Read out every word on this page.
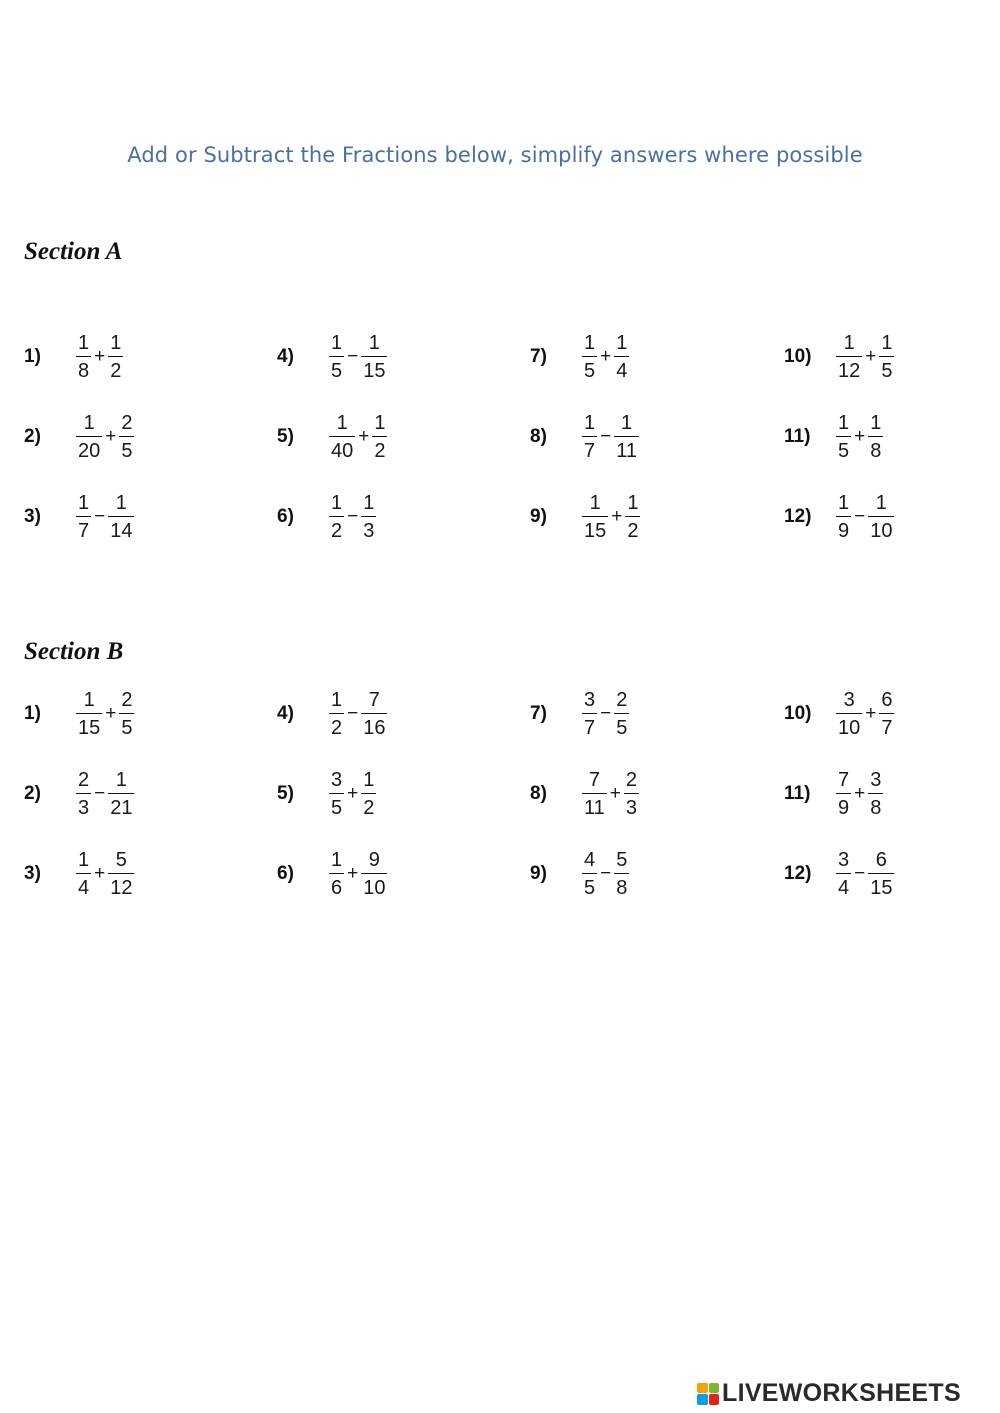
Add or Subtract the Fractions below, simplify answers where possible
Section A
Section B
1)	$\frac{1}{8} + \frac{1}{2}$
2)	$\frac{1}{20} + \frac{2}{5}$
3)	$\frac{1}{7} - \frac{1}{14}$
4)	$\frac{1}{5} - \frac{1}{15}$
5)	$\frac{1}{40} + \frac{1}{2}$
6)	$\frac{1}{2} - \frac{1}{3}$
7)	$\frac{1}{5} + \frac{1}{4}$
8)	$\frac{1}{7} - \frac{1}{11}$
9)	$\frac{1}{15} + \frac{1}{2}$
10)	$\frac{1}{12} + \frac{1}{5}$
11)	$\frac{1}{5} + \frac{1}{8}$
12)	$\frac{1}{9} - \frac{1}{10}$
1)	$\frac{1}{15} + \frac{2}{5}$
2)	$\frac{2}{3} - \frac{1}{21}$
3)	$\frac{1}{4} + \frac{5}{12}$
4)	$\frac{1}{2} - \frac{7}{16}$
5)	$\frac{3}{5} + \frac{1}{2}$
6)	$\frac{1}{6} + \frac{9}{10}$
7)	$\frac{3}{7} - \frac{2}{5}$
8)	$\frac{7}{11} + \frac{2}{3}$
9)	$\frac{4}{5} - \frac{5}{8}$
10)	$\frac{3}{10} + \frac{6}{7}$
11)	$\frac{7}{9} + \frac{3}{8}$
12)	$\frac{3}{4} - \frac{6}{15}$
LIVEWORKSHEETS
